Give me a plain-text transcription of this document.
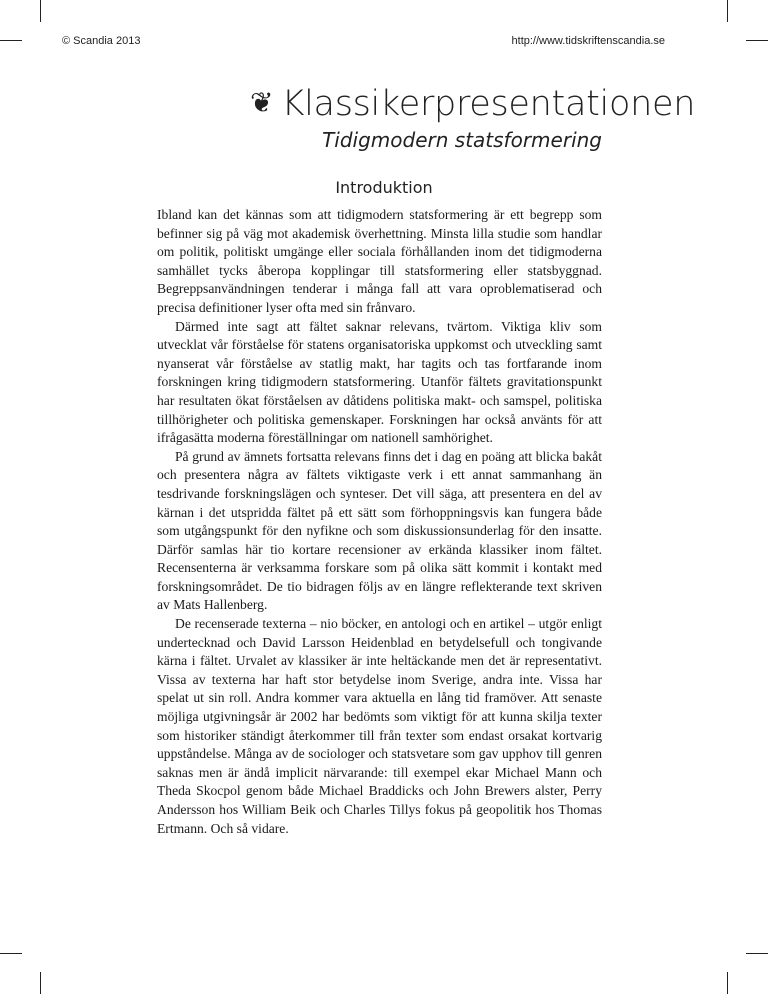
© Scandia 2013	http://www.tidskriftenscandia.se
❦ Klassikerpresentationen
Tidigmodern statsformering
Introduktion

Ibland kan det kännas som att tidigmodern statsformering är ett begrepp som befinner sig på väg mot akademisk överhettning. Minsta lilla studie som handlar om politik, politiskt umgänge eller sociala förhållanden inom det tidigmoderna samhället tycks åberopa kopplingar till statsformering eller statsbyggnad. Begreppsanvändningen tenderar i många fall att vara oproblematiserad och precisa definitioner lyser ofta med sin frånvaro.

Därmed inte sagt att fältet saknar relevans, tvärtom. Viktiga kliv som utvecklat vår förståelse för statens organisatoriska uppkomst och utveckling samt nyanserat vår förståelse av statlig makt, har tagits och tas fortfarande inom forskningen kring tidigmodern statsformering. Utanför fältets gravitationspunkt har resultaten ökat förståelsen av dåtidens politiska makt- och samspel, politiska tillhörigheter och politiska gemenskaper. Forskningen har också använts för att ifrågasätta moderna föreställningar om nationell samhörighet.

På grund av ämnets fortsatta relevans finns det i dag en poäng att blicka bakåt och presentera några av fältets viktigaste verk i ett annat sammanhang än tesdrivande forskningslägen och synteser. Det vill säga, att presentera en del av kärnan i det utspridda fältet på ett sätt som förhoppningsvis kan fungera både som utgångspunkt för den nyfikne och som diskussionsunderlag för den insatte. Därför samlas här tio kortare recensioner av erkända klassiker inom fältet. Recensenterna är verksamma forskare som på olika sätt kommit i kontakt med forskningsområdet. De tio bidragen följs av en längre reflekterande text skriven av Mats Hallenberg.

De recenserade texterna – nio böcker, en antologi och en artikel – utgör enligt undertecknad och David Larsson Heidenblad en betydelsefull och tongivande kärna i fältet. Urvalet av klassiker är inte heltäckande men det är representativt. Vissa av texterna har haft stor betydelse inom Sverige, andra inte. Vissa har spelat ut sin roll. Andra kommer vara aktuella en lång tid framöver. Att senaste möjliga utgivningsår är 2002 har bedömts som viktigt för att kunna skilja texter som historiker ständigt återkommer till från texter som endast orsakat kortvarig uppståndelse. Många av de sociologer och statsvetare som gav upphov till genren saknas men är ändå implicit närvarande: till exempel ekar Michael Mann och Theda Skocpol genom både Michael Braddicks och John Brewers alster, Perry Andersson hos William Beik och Charles Tillys fokus på geopolitik hos Thomas Ertmann. Och så vidare.
